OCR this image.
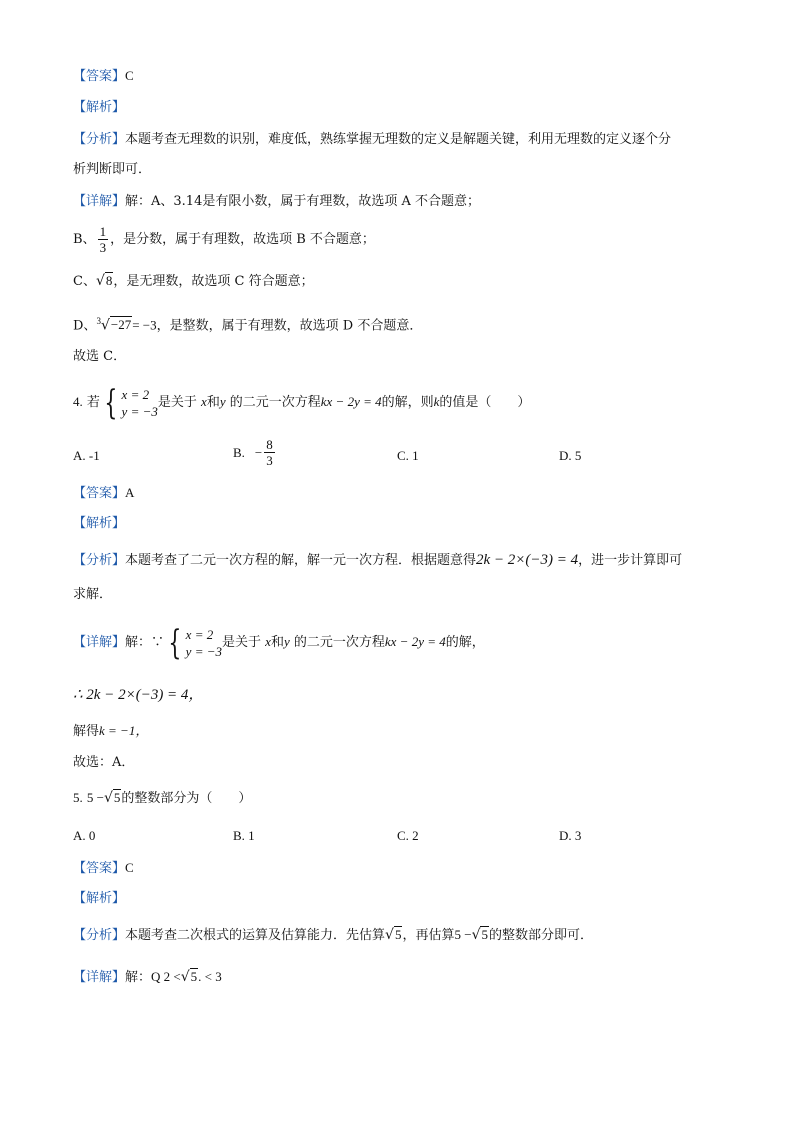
【答案】C
【解析】
【分析】本题考查无理数的识别，难度低，熟练掌握无理数的定义是解题关键，利用无理数的定义逐个分
析判断即可．
【详解】解：A、3.14是有限小数，属于有理数，故选项 A 不合题意；
B、 $\frac{1}{3}$ ，是分数，属于有理数，故选项 B 不合题意；
C、√8，是无理数，故选项 C 符合题意；
D、$^3$√−27= −3，是整数，属于有理数，故选项 D 不合题意．
故选 C．
4. 若 { x = 2
y = −3
是关于 x和y 的二元一次方程kx − 2y = 4的解，则k的值是（　　）
A. -1	B. − $\frac{8}{3}$	C. 1	D. 5
【答案】A
【解析】
【分析】本题考查了二元一次方程的解，解一元一次方程．根据题意得2k − 2×(−3) = 4，进一步计算即可
求解．
【详解】解：∵ { x = 2
y = −3
是关于 x和y 的二元一次方程kx − 2y = 4的解，
∴ 2k − 2×(−3) = 4，
解得k = −1，
故选：A．
5. 5 −√5的整数部分为（　　）
A. 0	B. 1	C. 2	D. 3
【答案】C
【解析】
【分析】本题考查二次根式的运算及估算能力．先估算√5，再估算5 −√5的整数部分即可．
【详解】解：Q 2 <√5. < 3
